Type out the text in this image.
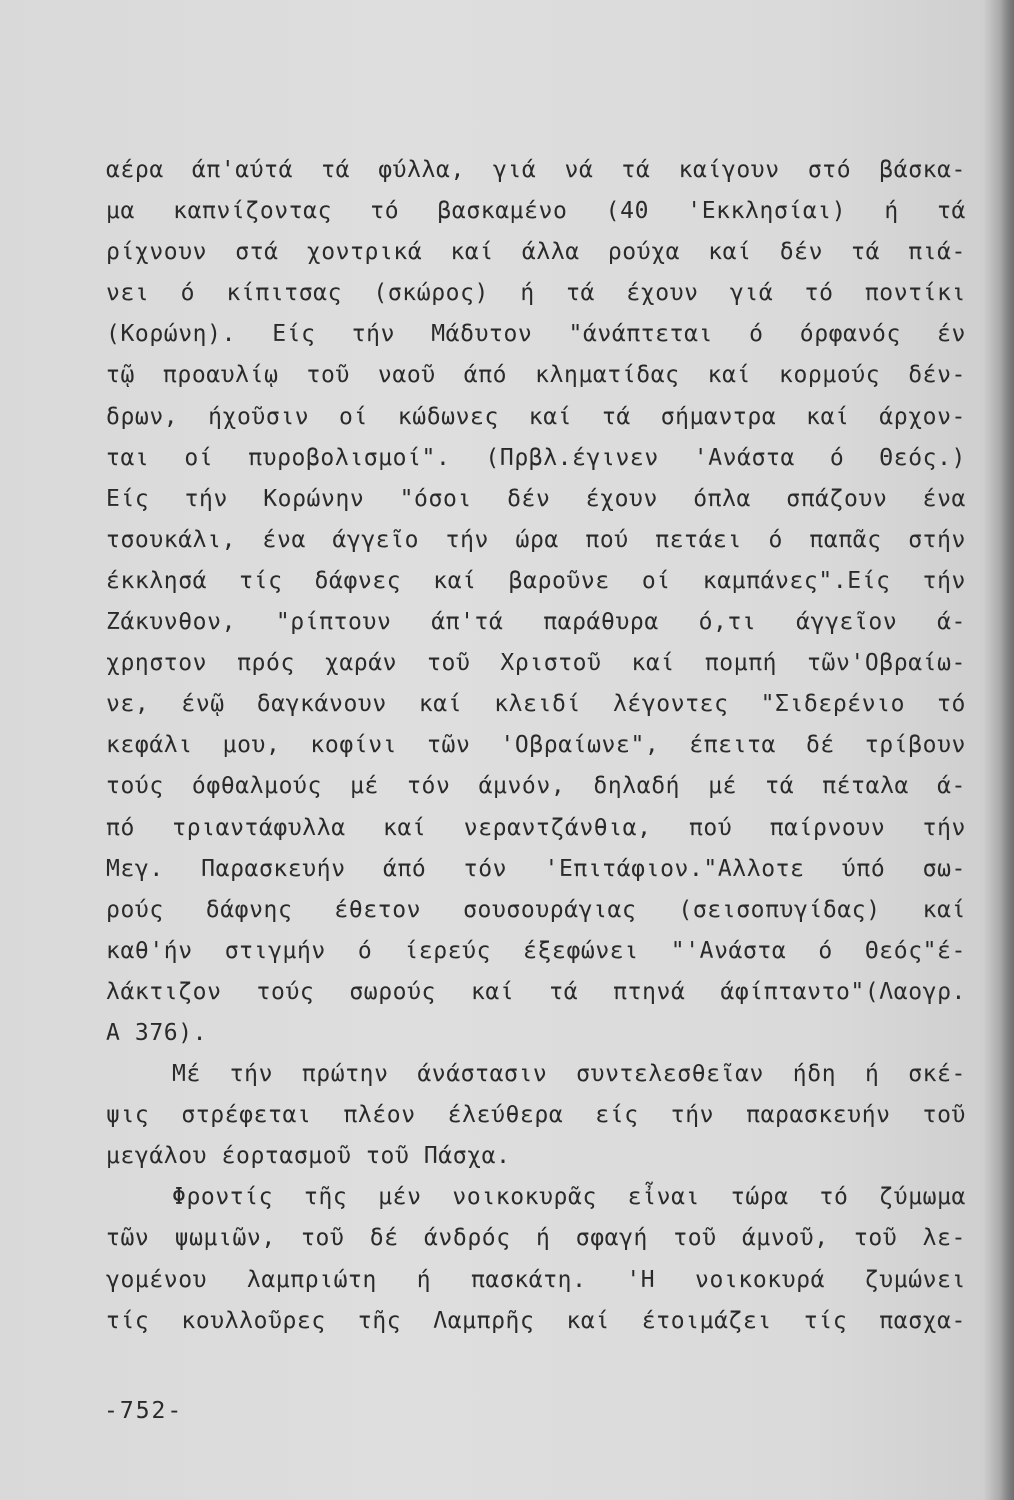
αέρα άπ'αύτά τά φύλλα, γιά νά τά καίγουν στό βάσκα-
μα καπνίζοντας τό βασκαμένο (40 'Εκκλησίαι) ή τά
ρίχνουν στά χοντρικά καί άλλα ρούχα καί δέν τά πιά-
νει ό κίπιτσας (σκώρος) ή τά έχουν γιά τό ποντίκι
(Κορώνη). Είς τήν Μάδυτον "άνάπτεται ό όρφανός έν
τῷ προαυλίῳ τοῦ ναοῦ άπό κληματίδας καί κορμούς δέν-
δρων, ήχοῦσιν οί κώδωνες καί τά σήμαντρα καί άρχον-
ται οί πυροβολισμοί". (Πρβλ.έγινεν 'Ανάστα ό Θεός.)
Είς τήν Κορώνην "όσοι δέν έχουν όπλα σπάζουν ένα
τσουκάλι, ένα άγγεῖο τήν ώρα πού πετάει ό παπᾶς στήν
έκκλησά τίς δάφνες καί βαροῦνε οί καμπάνες".Είς τήν
Ζάκυνθον, "ρίπτουν άπ'τά παράθυρα ό,τι άγγεῖον ά-
χρηστον πρός χαράν τοῦ Χριστοῦ καί πομπή τῶν'Οβραίω-
νε, ένῷ δαγκάνουν καί κλειδί λέγοντες "Σιδερένιο τό
κεφάλι μου, κοφίνι τῶν 'Οβραίωνε", έπειτα δέ τρίβουν
τούς όφθαλμούς μέ τόν άμνόν, δηλαδή μέ τά πέταλα ά-
πό τριαντάφυλλα καί νεραντζάνθια, πού παίρνουν τήν
Μεγ. Παρασκευήν άπό τόν 'Επιτάφιον."Αλλοτε ύπό σω-
ρούς δάφνης έθετον σουσουράγιας (σεισοπυγίδας) καί
καθ'ήν στιγμήν ό ίερεύς έξεφώνει "'Ανάστα ό Θεός"έ-
λάκτιζον τούς σωρούς καί τά πτηνά άφίπταντο"(Λαογρ.
Α 376).
Μέ τήν πρώτην άνάστασιν συντελεσθεῖαν ήδη ή σκέ-
ψις στρέφεται πλέον έλεύθερα είς τήν παρασκευήν τοῦ
μεγάλου έορτασμοῦ τοῦ Πάσχα.
Φροντίς τῆς μέν νοικοκυρᾶς εἶναι τώρα τό ζύμωμα
τῶν ψωμιῶν, τοῦ δέ άνδρός ή σφαγή τοῦ άμνοῦ, τοῦ λε-
γομένου λαμπριώτη ή πασκάτη. 'Η νοικοκυρά ζυμώνει
τίς κουλλοῦρες τῆς Λαμπρῆς καί έτοιμάζει τίς πασχα-
-752-
